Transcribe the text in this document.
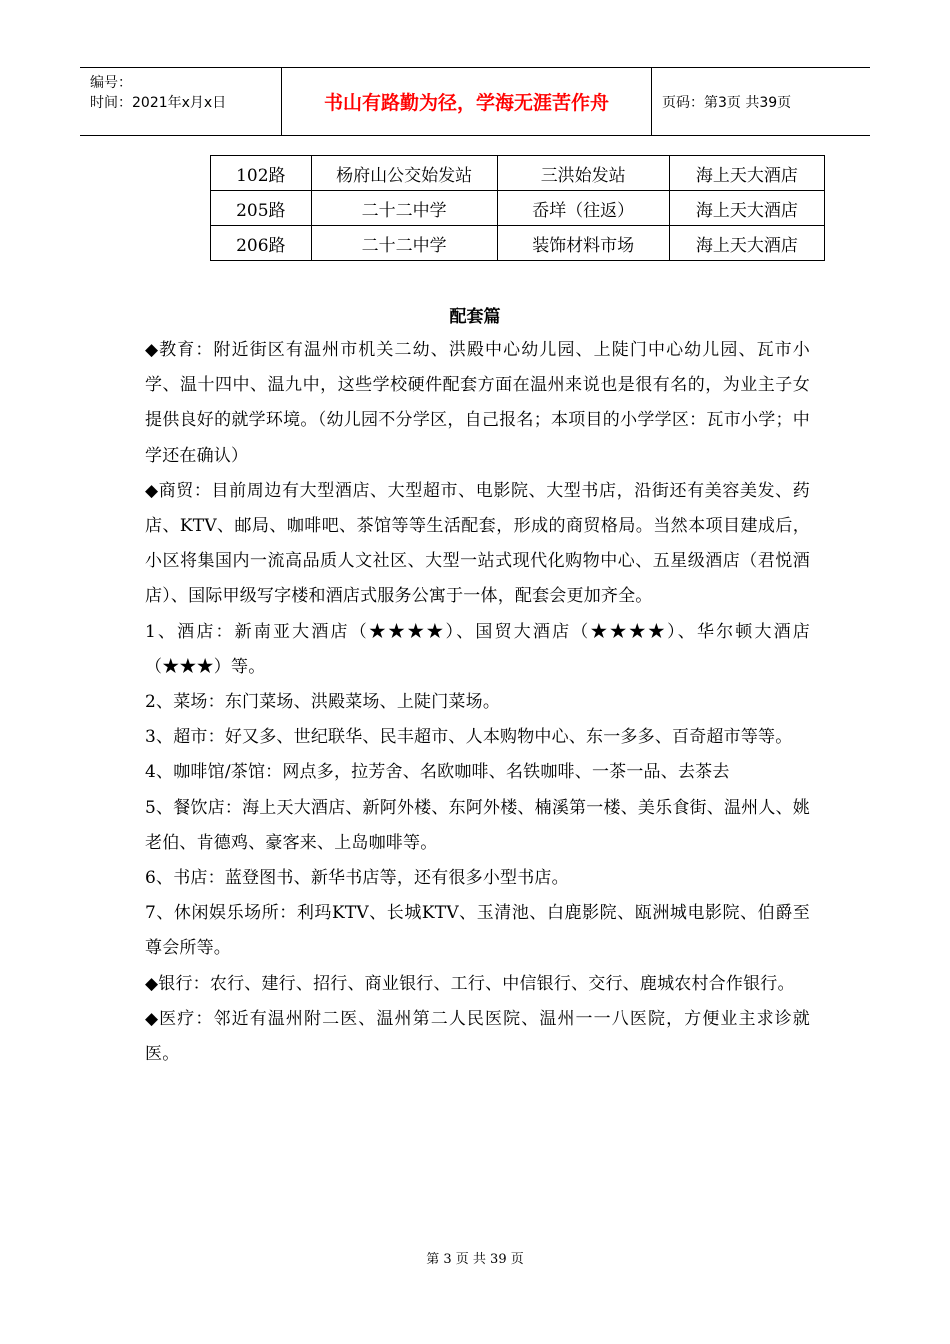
编号：
时间：2021年x月x日	书山有路勤为径，学海无涯苦作舟	页码：第3页 共39页
102路	杨府山公交始发站	三洪始发站	海上天大酒店
205路	二十二中学	岙垟（往返）	海上天大酒店
206路	二十二中学	装饰材料市场	海上天大酒店
配套篇

◆教育：附近街区有温州市机关二幼、洪殿中心幼儿园、上陡门中心幼儿园、瓦市小学、温十四中、温九中，这些学校硬件配套方面在温州来说也是很有名的，为业主子女提供良好的就学环境。（幼儿园不分学区，自己报名；本项目的小学学区：瓦市小学；中学还在确认）

◆商贸：目前周边有大型酒店、大型超市、电影院、大型书店，沿街还有美容美发、药店、KTV、邮局、咖啡吧、茶馆等等生活配套，形成的商贸格局。当然本项目建成后，小区将集国内一流高品质人文社区、大型一站式现代化购物中心、五星级酒店（君悦酒店）、国际甲级写字楼和酒店式服务公寓于一体，配套会更加齐全。

1、酒店：新南亚大酒店（★★★★）、国贸大酒店（★★★★）、华尔顿大酒店（★★★）等。

2、菜场：东门菜场、洪殿菜场、上陡门菜场。

3、超市：好又多、世纪联华、民丰超市、人本购物中心、东一多多、百奇超市等等。

4、咖啡馆/茶馆：网点多，拉芳舍、名欧咖啡、名铁咖啡、一茶一品、去茶去

5、餐饮店：海上天大酒店、新阿外楼、东阿外楼、楠溪第一楼、美乐食街、温州人、姚老伯、肯德鸡、豪客来、上岛咖啡等。

6、书店：蓝登图书、新华书店等，还有很多小型书店。

7、休闲娱乐场所：利玛KTV、长城KTV、玉清池、白鹿影院、瓯洲城电影院、伯爵至尊会所等。

◆银行：农行、建行、招行、商业银行、工行、中信银行、交行、鹿城农村合作银行。

◆医疗：邻近有温州附二医、温州第二人民医院、温州一一八医院，方便业主求诊就医。

第 3 页 共 39 页
